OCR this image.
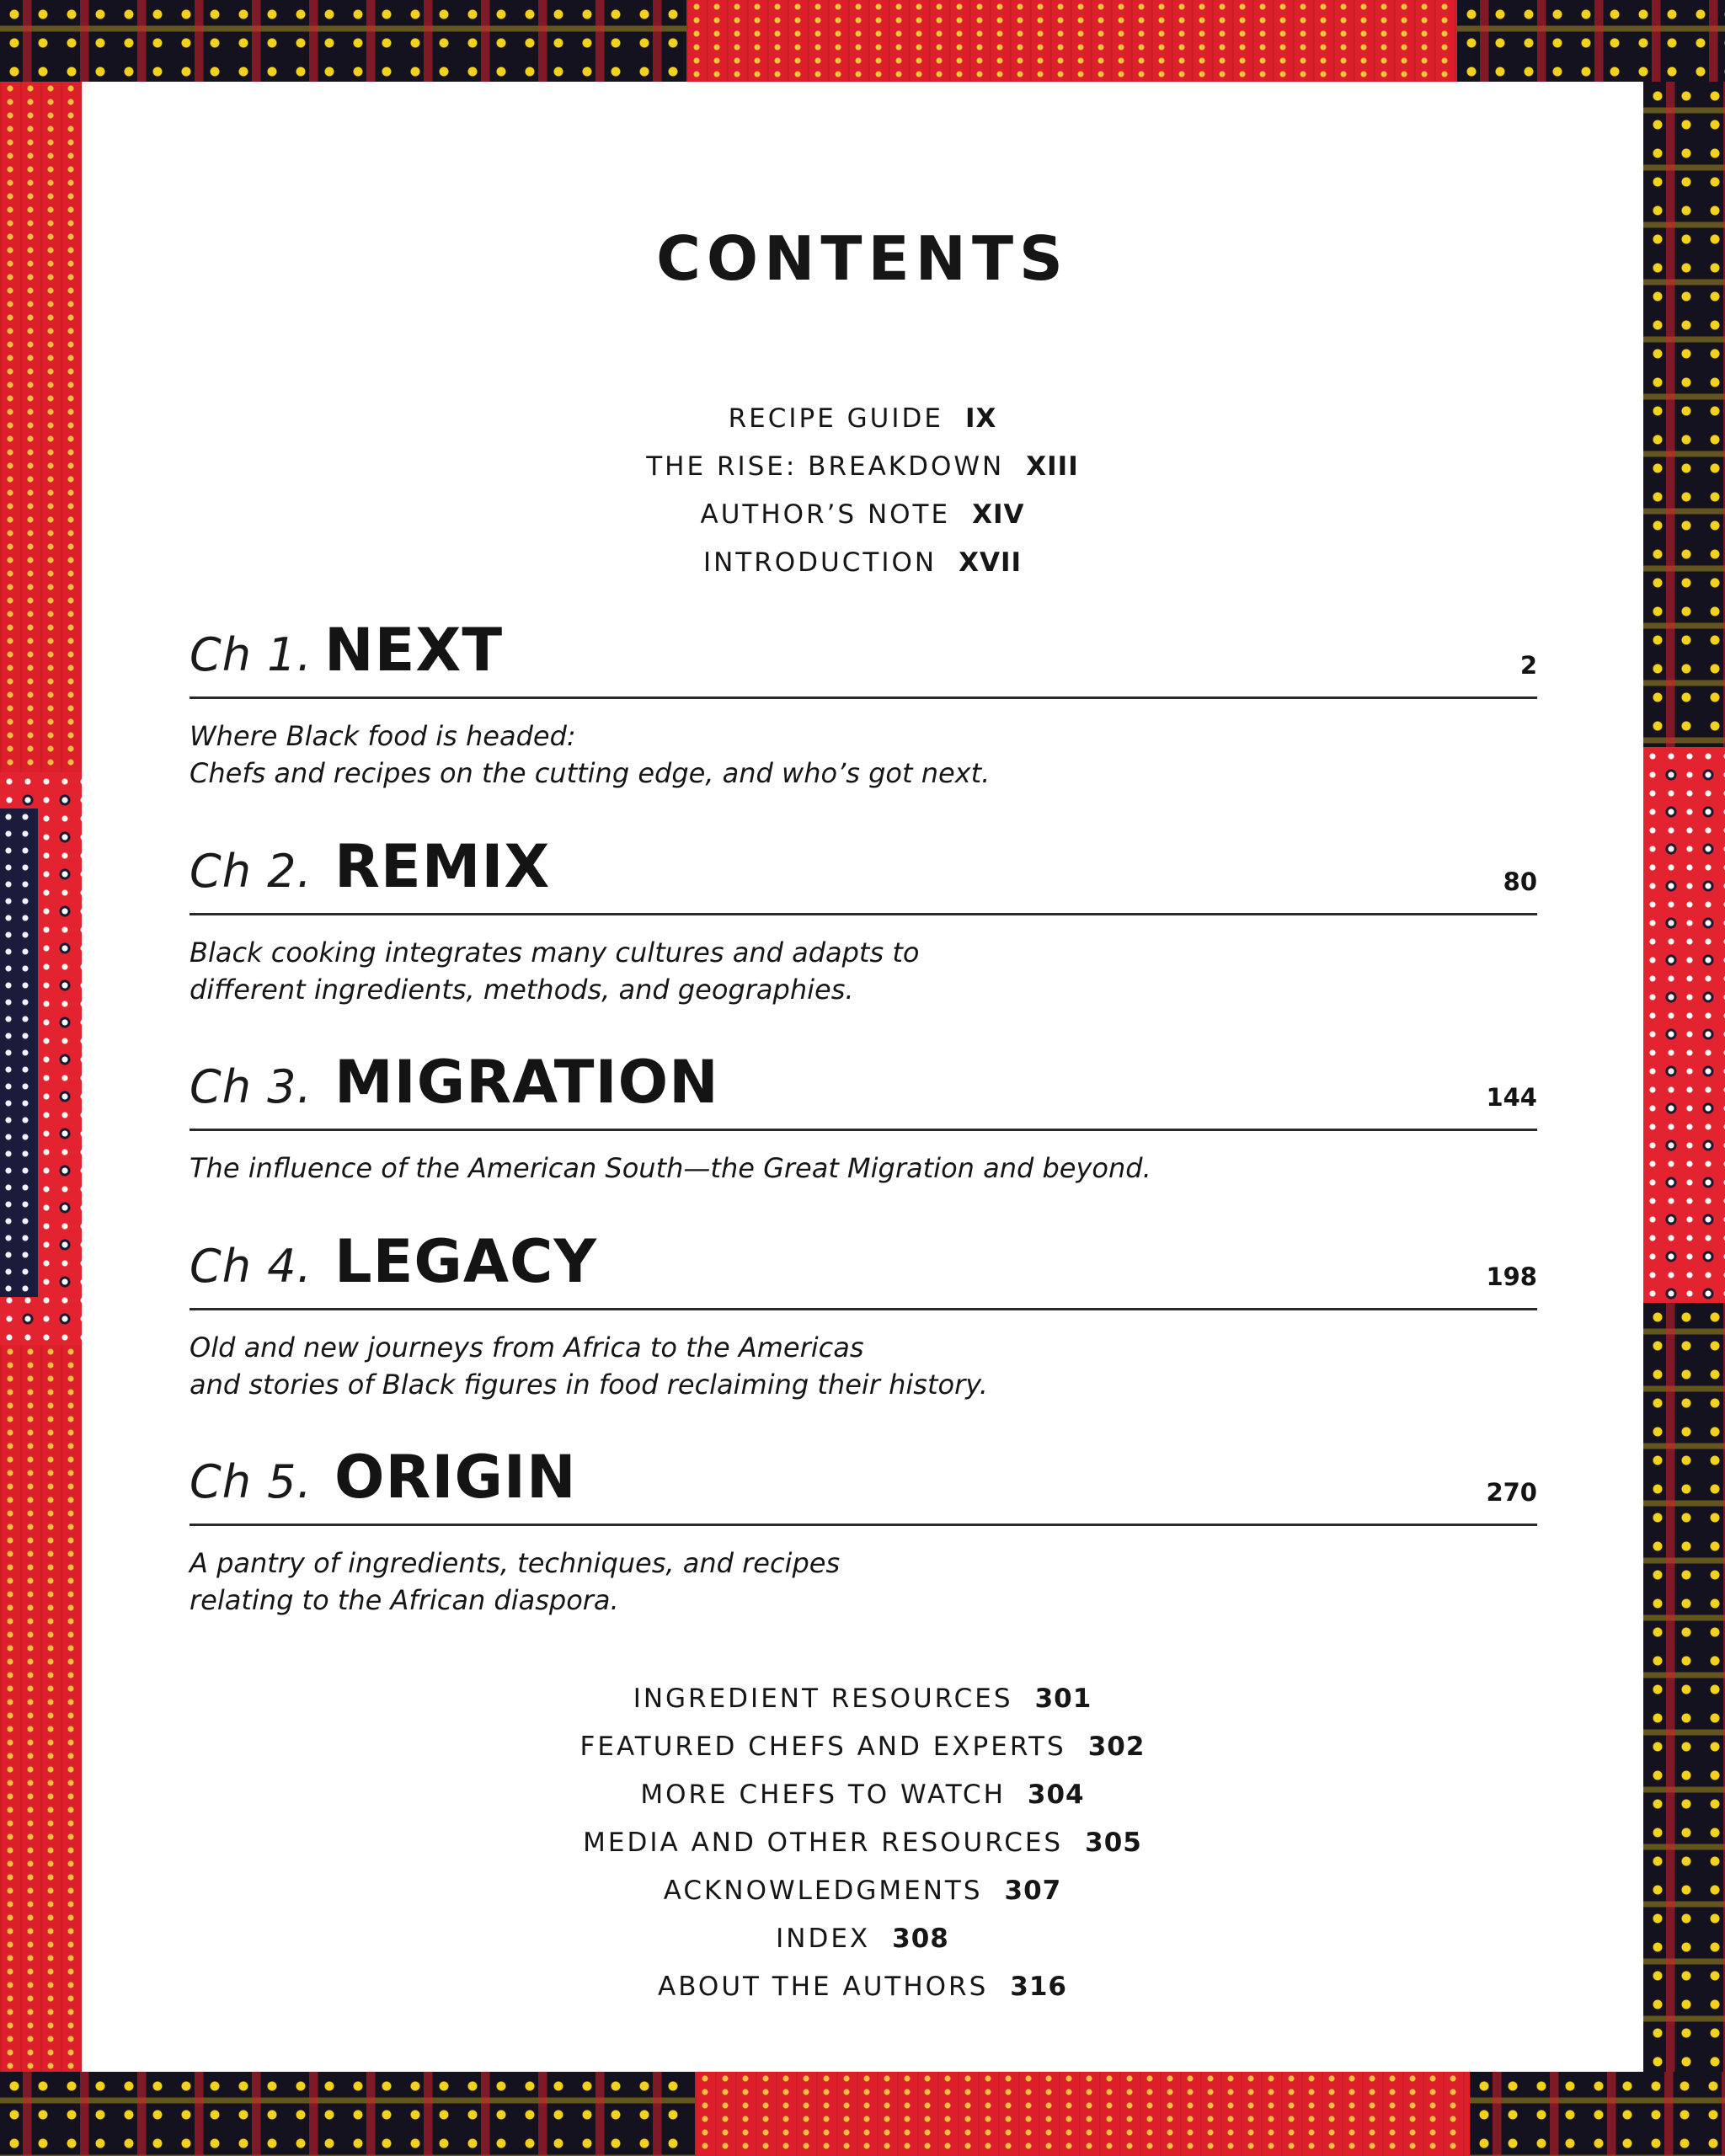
CONTENTS
RECIPE GUIDE IX
THE RISE: BREAKDOWN XIII
AUTHOR’S NOTE XIV
INTRODUCTION XVII
Ch 1. NEXT	2
Where Black food is headed:
Chefs and recipes on the cutting edge, and who’s got next.
Ch 2. REMIX	80
Black cooking integrates many cultures and adapts to
different ingredients, methods, and geographies.
Ch 3. MIGRATION	144
The influence of the American South—the Great Migration and beyond.
Ch 4. LEGACY	198
Old and new journeys from Africa to the Americas
and stories of Black figures in food reclaiming their history.
Ch 5. ORIGIN	270
A pantry of ingredients, techniques, and recipes
relating to the African diaspora.
INGREDIENT RESOURCES 301
FEATURED CHEFS AND EXPERTS 302
MORE CHEFS TO WATCH 304
MEDIA AND OTHER RESOURCES 305
ACKNOWLEDGMENTS 307
INDEX 308
ABOUT THE AUTHORS 316
